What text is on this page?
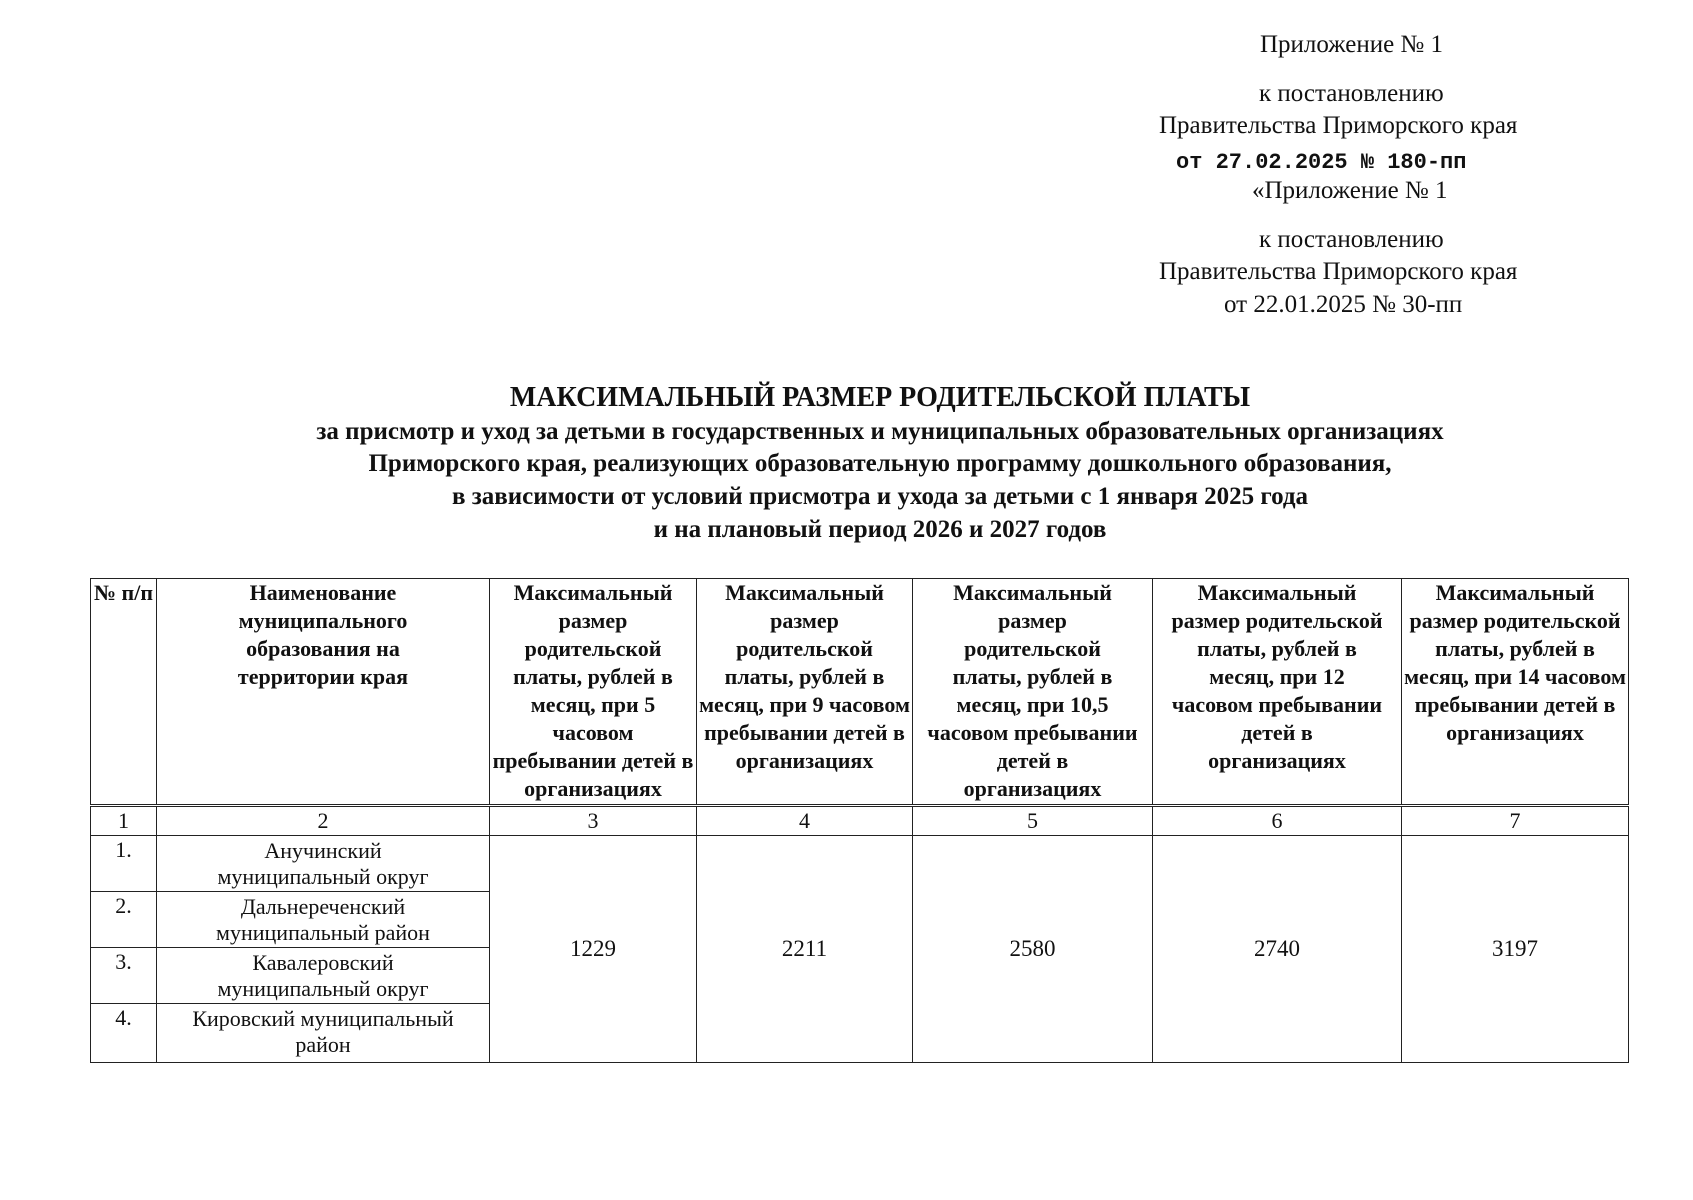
Приложение № 1
к постановлению
Правительства Приморского края
от 27.02.2025 № 180-пп
«Приложение № 1
к постановлению
Правительства Приморского края
от 22.01.2025 № 30-пп
МАКСИМАЛЬНЫЙ РАЗМЕР РОДИТЕЛЬСКОЙ ПЛАТЫ
за присмотр и уход за детьми в государственных и муниципальных образовательных организациях
Приморского края, реализующих образовательную программу дошкольного образования,
в зависимости от условий присмотра и ухода за детьми с 1 января 2025 года
и на плановый период 2026 и 2027 годов
№ п/п	Наименование муниципального образования на территории края	Максимальный размер родительской платы, рублей в месяц, при 5 часовом пребывании детей в организациях	Максимальный размер родительской платы, рублей в месяц, при 9 часовом пребывании детей в организациях	Максимальный размер родительской платы, рублей в месяц, при 10,5 часовом пребывании детей в организациях	Максимальный размер родительской платы, рублей в месяц, при 12 часовом пребывании детей в организациях	Максимальный размер родительской платы, рублей в месяц, при 14 часовом пребывании детей в организациях
1	2	3	4	5	6	7
1.	Анучинский муниципальный округ	1229	2211	2580	2740	3197
2.	Дальнереченский муниципальный район					
3.	Кавалеровский муниципальный округ					
4.	Кировский муниципальный район					
